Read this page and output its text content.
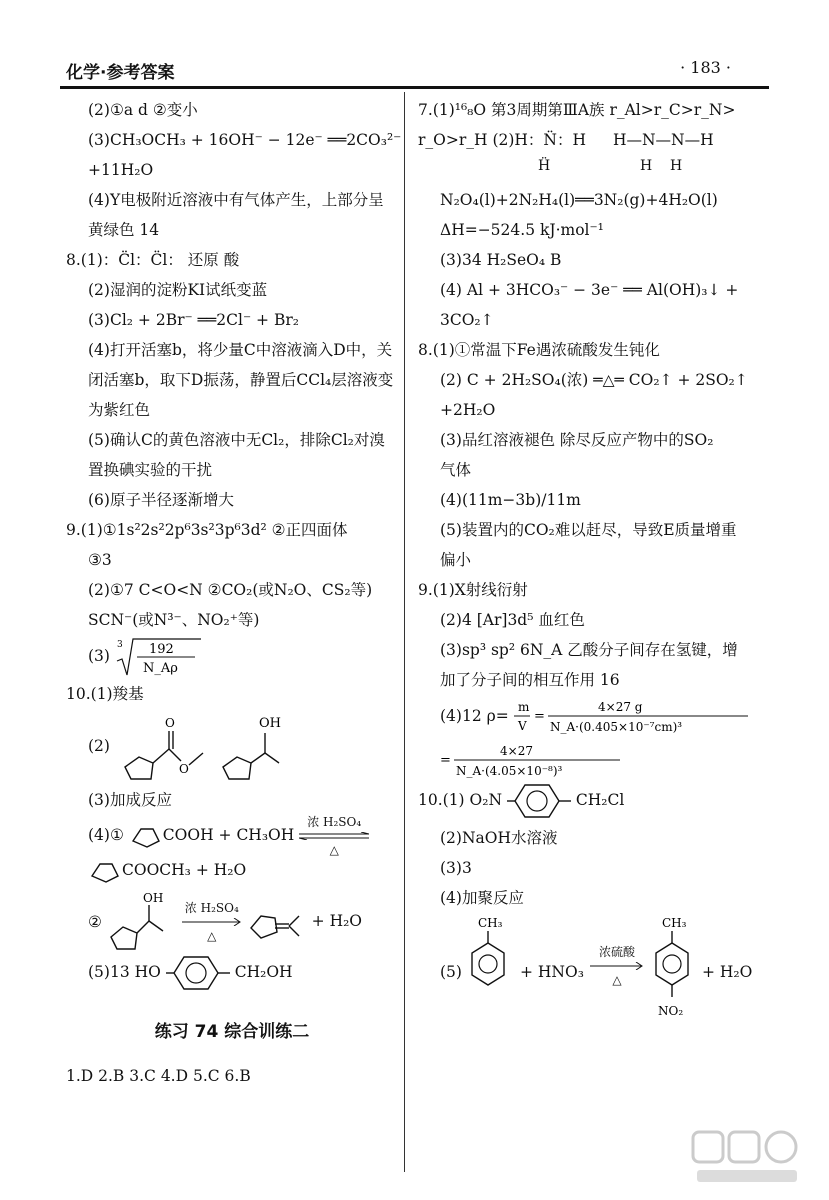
化学·参考答案	· 183 ·
(2)①a d ②变小
(3)CH₃OCH₃ + 16OH⁻ − 12e⁻ ══2CO₃²⁻
+11H₂O
(4)Y电极附近溶液中有气体产生，上部分呈
黄绿色 14
8.(1)：C̈l：C̈l： 还原 酸
(2)湿润的淀粉KI试纸变蓝
(3)Cl₂ + 2Br⁻ ══2Cl⁻ + Br₂
(4)打开活塞b，将少量C中溶液滴入D中，关
闭活塞b，取下D振荡，静置后CCl₄层溶液变
为紫红色
(5)确认C的黄色溶液中无Cl₂，排除Cl₂对溴
置换碘实验的干扰
(6)原子半径逐渐增大
9.(1)①1s²2s²2p⁶3s²3p⁶3d² ②正四面体
③3
(2)①7 C<O<N ②CO₂(或N₂O、CS₂等)
SCN⁻(或N³⁻、NO₂⁺等)
(3)
3 192
N_Aρ
10.(1)羧基
(2)
O
O
OH
(3)加成反应
(4)①	COOH + CH₃OH 浓 H₂SO₄

△
COOCH₃ + H₂O
②
OH
浓 H₂SO₄

△  + H₂O
(5)13 HO	CH₂OH
练习 74 综合训练二
1.D 2.B 3.C 4.D 5.C 6.B
7.(1)¹⁶₈O 第3周期第ⅢA族 r_Al>r_C>r_N>
r_O>r_H (2)H：N̈：H H—N—N—H
Ḧ	H    H
N₂O₄(l)+2N₂H₄(l)══3N₂(g)+4H₂O(l)
ΔH=−524.5 kJ·mol⁻¹
(3)34 H₂SeO₄ B
(4) Al + 3HCO₃⁻ − 3e⁻ ══ Al(OH)₃↓ +
3CO₂↑
8.(1)①常温下Fe遇浓硫酸发生钝化
(2) C + 2H₂SO₄(浓) ═△═ CO₂↑ + 2SO₂↑
+2H₂O
(3)品红溶液褪色 除尽反应产物中的SO₂
气体
(4)(11m−3b)/11m
(5)装置内的CO₂难以赶尽，导致E质量增重
偏小
9.(1)X射线衍射
(2)4 [Ar]3d⁵ 血红色
(3)sp³ sp² 6N_A 乙酸分子间存在氢键，增
加了分子间的相互作用 16
(4)12 ρ= m
V
=
4×27 g
N_A·(0.405×10⁻⁷cm)³
=
4×27
N_A·(4.05×10⁻⁸)³
10.(1) O₂N	CH₂Cl
(2)NaOH水溶液
(3)3
(4)加聚反应
(5)
CH₃
+ HNO₃
浓硫酸

△
CH₃
NO₂
+ H₂O
